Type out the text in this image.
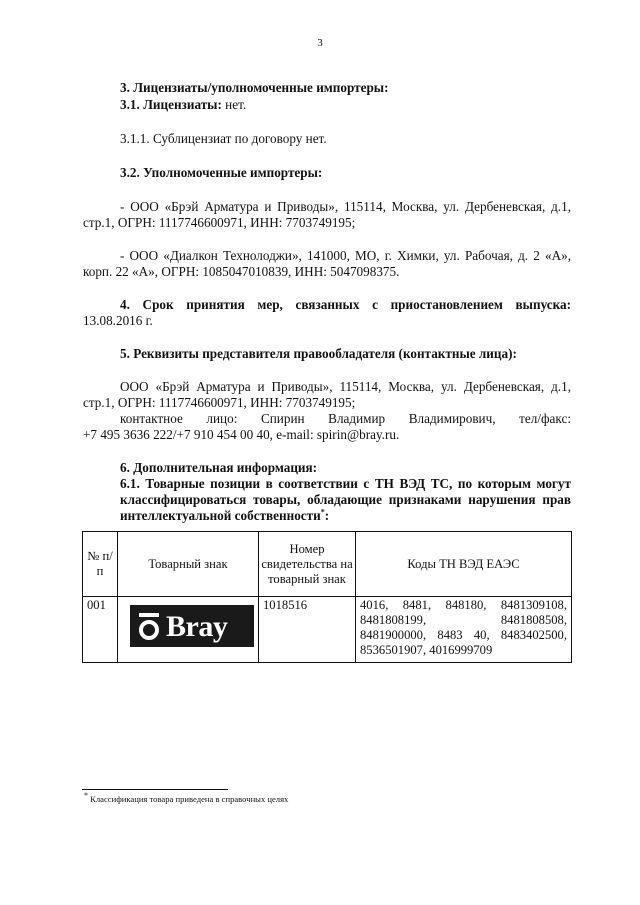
3
3. Лицензиаты/уполномоченные импортеры:
3.1. Лицензиаты: нет.
3.1.1. Сублицензиат по договору нет.
3.2. Уполномоченные импортеры:
- ООО «Брэй Арматура и Приводы», 115114, Москва, ул. Дербеневская, д.1,
стр.1, ОГРН: 1117746600971, ИНН: 7703749195;
- ООО «Диалкон Технолоджи», 141000, МО, г. Химки, ул. Рабочая, д. 2 «А»,
корп. 22 «А», ОГРН: 1085047010839, ИНН: 5047098375.
4. Срок принятия мер, связанных с приостановлением выпуска:
13.08.2016 г.
5. Реквизиты представителя правообладателя (контактные лица):
ООО «Брэй Арматура и Приводы», 115114, Москва, ул. Дербеневская, д.1,
стр.1, ОГРН: 1117746600971, ИНН: 7703749195;
контактное лицо: Спирин Владимир Владимирович, тел/факс:
+7 495 3636 222/+7 910 454 00 40, e-mail: spirin@bray.ru.
6. Дополнительная информация:
6.1. Товарные позиции в соответствии с ТН ВЭД ТС, по которым могут
классифицироваться товары, обладающие признаками нарушения прав
интеллектуальной собственности*:
№ п/п	Товарный знак	Номер свидетельства на товарный знак	Коды ТН ВЭД ЕАЭС
001	Bray	1018516	4016, 8481, 848180, 8481309108,
8481808199, 8481808508,
8481900000, 8483 40, 8483402500,
8536501907, 4016999709
* Классификация товара приведена в справочных целях
